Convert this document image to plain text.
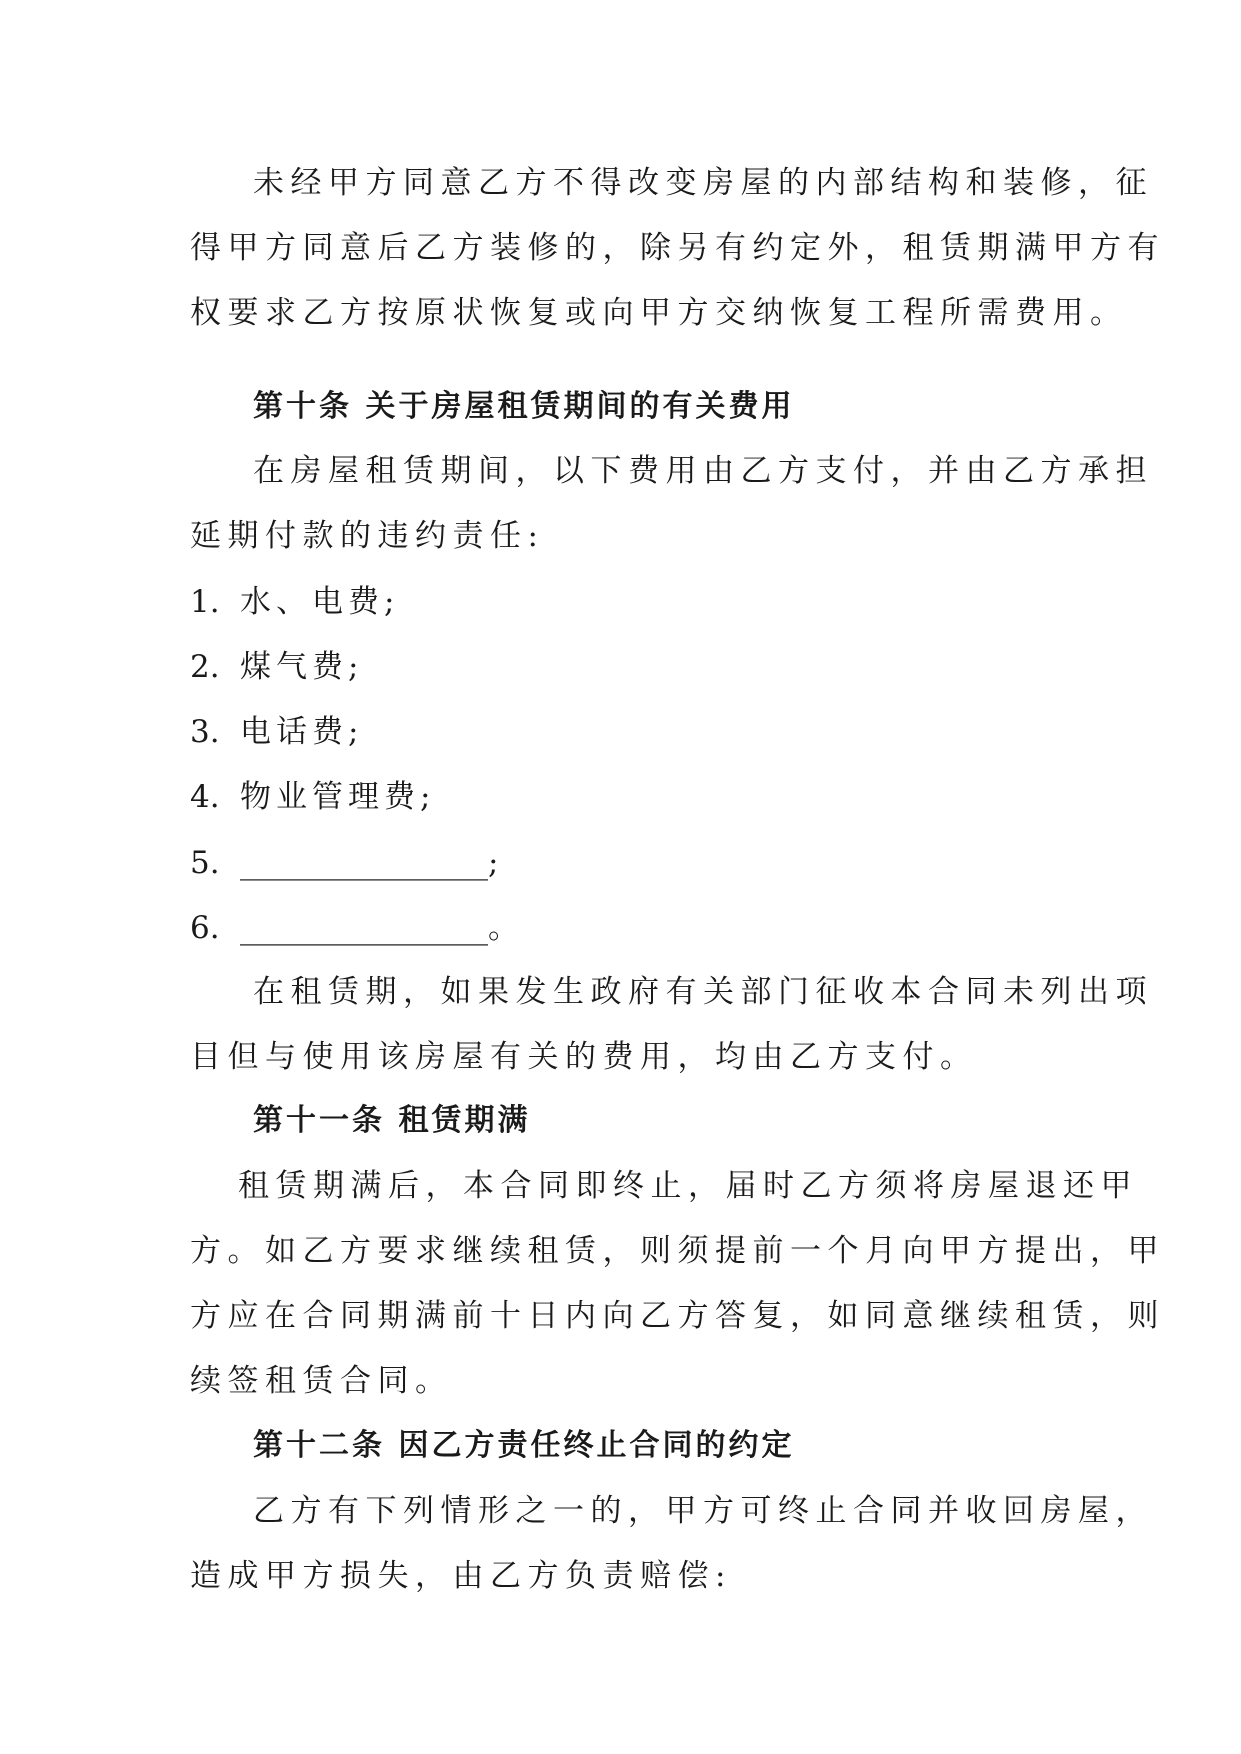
未经甲方同意乙方不得改变房屋的内部结构和装修，征
得甲方同意后乙方装修的，除另有约定外，租赁期满甲方有
权要求乙方按原状恢复或向甲方交纳恢复工程所需费用。
第十条 关于房屋租赁期间的有关费用
在房屋租赁期间，以下费用由乙方支付，并由乙方承担
延期付款的违约责任:
1. 水、电费;
2. 煤气费;
3. 电话费;
4. 物业管理费;
5. ________________;
6. ________________。
在租赁期，如果发生政府有关部门征收本合同未列出项
目但与使用该房屋有关的费用，均由乙方支付。
第十一条 租赁期满
租赁期满后，本合同即终止，届时乙方须将房屋退还甲
方。如乙方要求继续租赁，则须提前一个月向甲方提出，甲
方应在合同期满前十日内向乙方答复，如同意继续租赁，则
续签租赁合同。
第十二条 因乙方责任终止合同的约定
乙方有下列情形之一的，甲方可终止合同并收回房屋，
造成甲方损失，由乙方负责赔偿:
